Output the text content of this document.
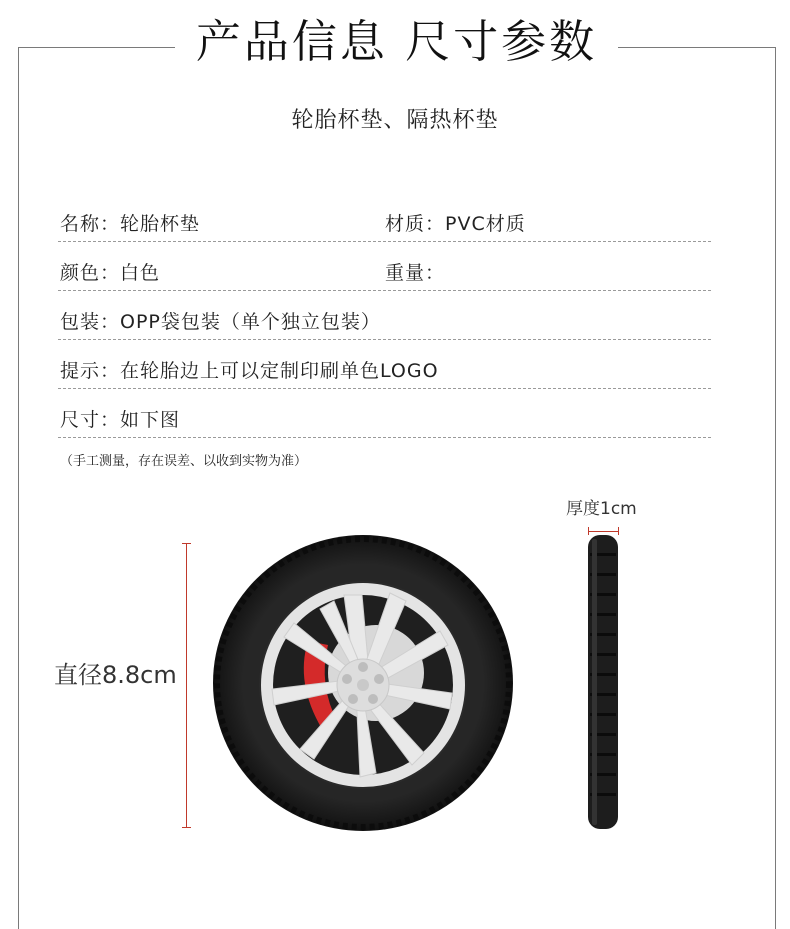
产品信息 尺寸参数
轮胎杯垫、隔热杯垫
名称：轮胎杯垫	材质：PVC材质
颜色：白色	重量：
包装：OPP袋包装（单个独立包装）
提示：在轮胎边上可以定制印刷单色LOGO
尺寸：如下图
（手工测量，存在误差、以收到实物为准）
直径8.8cm
厚度1cm
